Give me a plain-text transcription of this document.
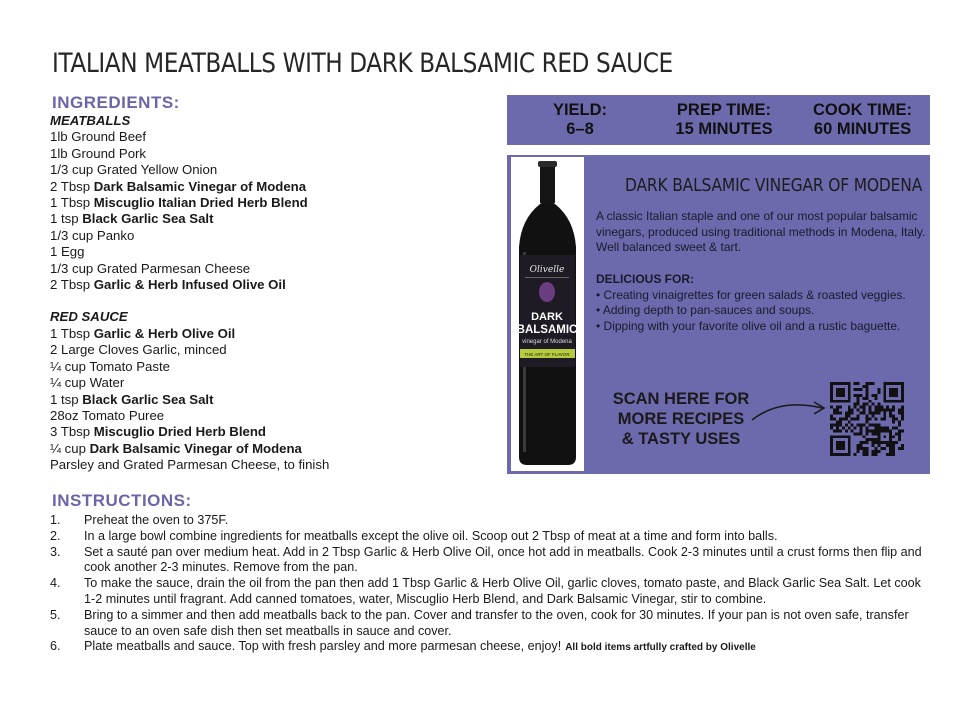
ITALIAN MEATBALLS WITH DARK BALSAMIC RED SAUCE
INGREDIENTS:
MEATBALLS
1lb Ground Beef
1lb Ground Pork
1/3 cup Grated Yellow Onion
2 Tbsp Dark Balsamic Vinegar of Modena
1 Tbsp Miscuglio Italian Dried Herb Blend
1 tsp Black Garlic Sea Salt
1/3 cup Panko
1 Egg
1/3 cup Grated Parmesan Cheese
2 Tbsp Garlic & Herb Infused Olive Oil
RED SAUCE
1 Tbsp Garlic & Herb Olive Oil
2 Large Cloves Garlic, minced
¼ cup Tomato Paste
¼ cup Water
1 tsp Black Garlic Sea Salt
28oz Tomato Puree
3 Tbsp Miscuglio Dried Herb Blend
¼ cup Dark Balsamic Vinegar of Modena
Parsley and Grated Parmesan Cheese, to finish
YIELD:
6–8
PREP TIME:
15 MINUTES
COOK TIME:
60 MINUTES
Olivelle
DARK
BALSAMIC
vinegar of Modena
THE ART OF FLAVOR
DARK BALSAMIC VINEGAR OF MODENA
A classic Italian staple and one of our most popular balsamic vinegars, produced using traditional methods in Modena, Italy. Well balanced sweet & tart.
DELICIOUS FOR:
• Creating vinaigrettes for green salads & roasted veggies.
• Adding depth to pan-sauces and soups.
• Dipping with your favorite olive oil and a rustic baguette.
SCAN HERE FOR
MORE RECIPES
& TASTY USES
INSTRUCTIONS:
1. Preheat the oven to 375F.
2. In a large bowl combine ingredients for meatballs except the olive oil. Scoop out 2 Tbsp of meat at a time and form into balls.
3. Set a sauté pan over medium heat. Add in 2 Tbsp Garlic & Herb Olive Oil, once hot add in meatballs. Cook 2-3 minutes until a crust forms then flip and cook another 2-3 minutes. Remove from the pan.
4. To make the sauce, drain the oil from the pan then add 1 Tbsp Garlic & Herb Olive Oil, garlic cloves, tomato paste, and Black Garlic Sea Salt. Let cook 1-2 minutes until fragrant. Add canned tomatoes, water, Miscuglio Herb Blend, and Dark Balsamic Vinegar, stir to combine.
5. Bring to a simmer and then add meatballs back to the pan. Cover and transfer to the oven, cook for 30 minutes. If your pan is not oven safe, transfer sauce to an oven safe dish then set meatballs in sauce and cover.
6. Plate meatballs and sauce. Top with fresh parsley and more parmesan cheese, enjoy! All bold items artfully crafted by Olivelle
